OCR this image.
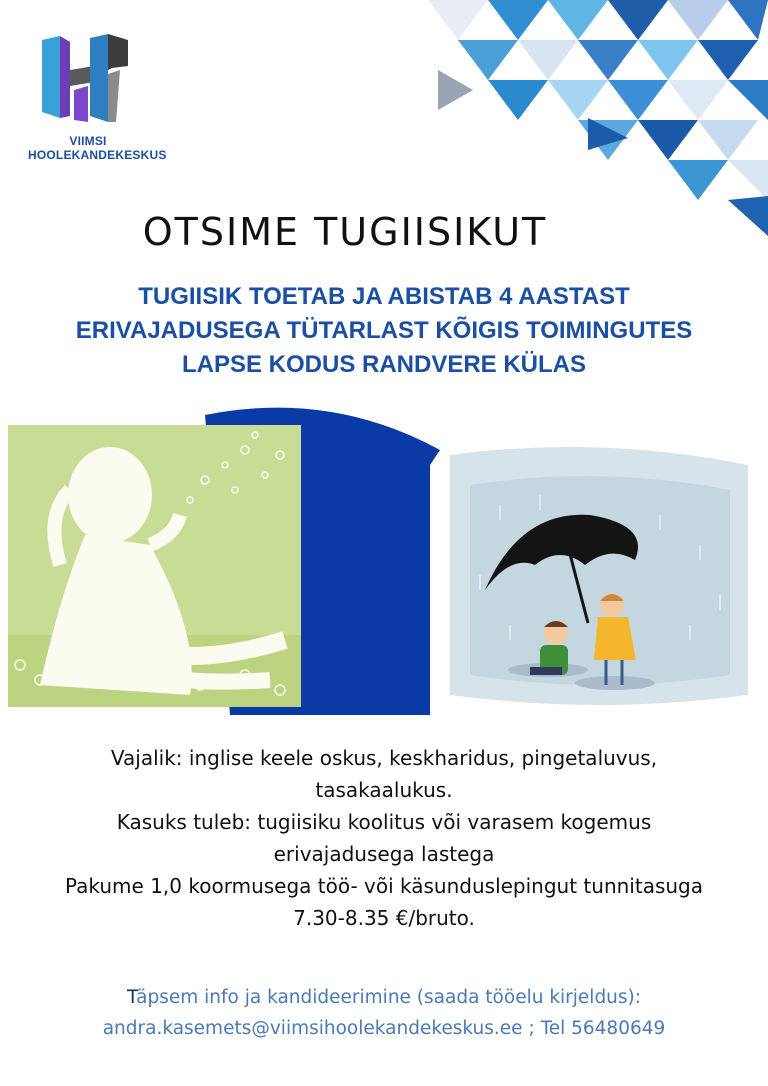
VIIMSI
HOOLEKANDEKESKUS
OTSIME TUGIISIKUT
TUGIISIK TOETAB JA ABISTAB 4 AASTAST
ERIVAJADUSEGA TÜTARLAST KÕIGIS TOIMINGUTES
LAPSE KODUS RANDVERE KÜLAS
Vajalik: inglise keele oskus, keskharidus, pingetaluvus,
tasakaalukus.
Kasuks tuleb: tugiisiku koolitus või varasem kogemus
erivajadusega lastega
Pakume 1,0 koormusega töö- või käsunduslepingut tunnitasuga
7.30-8.35 €/bruto.
Täpsem info ja kandideerimine (saada tööelu kirjeldus):
andra.kasemets@viimsihoolekandekeskus.ee ; Tel 56480649
